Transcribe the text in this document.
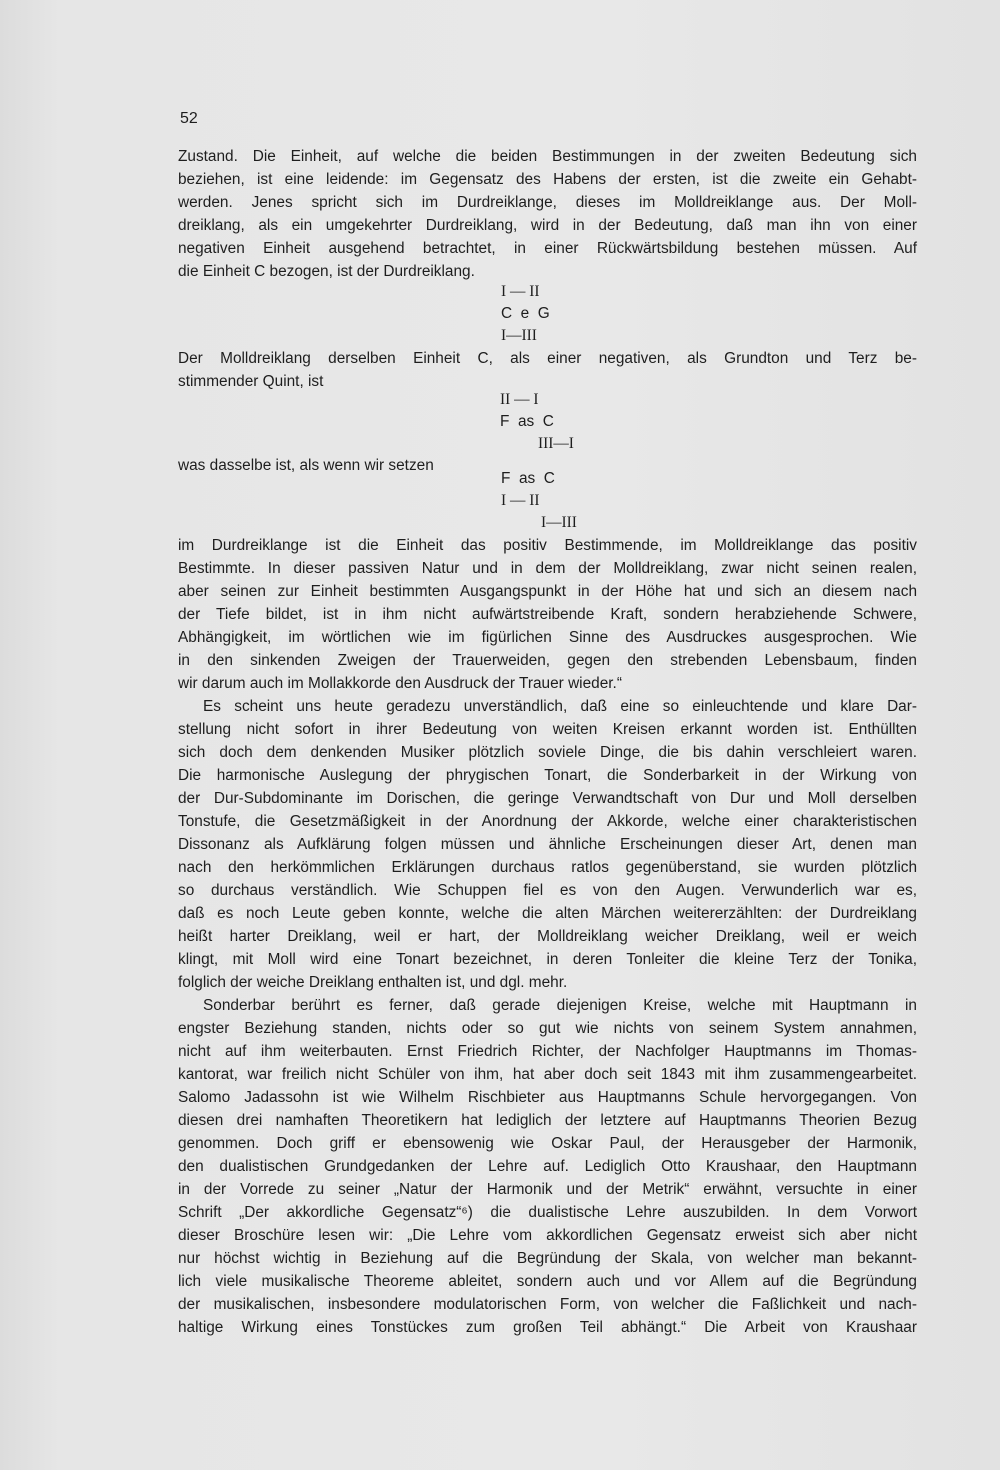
52
Zustand. Die Einheit, auf welche die beiden Bestimmungen in der zweiten Bedeutung sich
beziehen, ist eine leidende: im Gegensatz des Habens der ersten, ist die zweite ein Gehabt-
werden. Jenes spricht sich im Durdreiklange, dieses im Molldreiklange aus. Der Moll-
dreiklang, als ein umgekehrter Durdreiklang, wird in der Bedeutung, daß man ihn von einer
negativen Einheit ausgehend betrachtet, in einer Rückwärtsbildung bestehen müssen. Auf
die Einheit C bezogen, ist der Durdreiklang.
I — II
C  e  G
I—III
Der Molldreiklang derselben Einheit C, als einer negativen, als Grundton und Terz be-
stimmender Quint, ist
II — I
F  as  C
III—I
was dasselbe ist, als wenn wir setzen
F  as  C
I — II
I—III
im Durdreiklange ist die Einheit das positiv Bestimmende, im Molldreiklange das positiv
Bestimmte. In dieser passiven Natur und in dem der Molldreiklang, zwar nicht seinen realen,
aber seinen zur Einheit bestimmten Ausgangspunkt in der Höhe hat und sich an diesem nach
der Tiefe bildet, ist in ihm nicht aufwärtstreibende Kraft, sondern herabziehende Schwere,
Abhängigkeit, im wörtlichen wie im figürlichen Sinne des Ausdruckes ausgesprochen. Wie
in den sinkenden Zweigen der Trauerweiden, gegen den strebenden Lebensbaum, finden
wir darum auch im Mollakkorde den Ausdruck der Trauer wieder.“
Es scheint uns heute geradezu unverständlich, daß eine so einleuchtende und klare Dar-
stellung nicht sofort in ihrer Bedeutung von weiten Kreisen erkannt worden ist. Enthüllten
sich doch dem denkenden Musiker plötzlich soviele Dinge, die bis dahin verschleiert waren.
Die harmonische Auslegung der phrygischen Tonart, die Sonderbarkeit in der Wirkung von
der Dur-Subdominante im Dorischen, die geringe Verwandtschaft von Dur und Moll derselben
Tonstufe, die Gesetzmäßigkeit in der Anordnung der Akkorde, welche einer charakteristischen
Dissonanz als Aufklärung folgen müssen und ähnliche Erscheinungen dieser Art, denen man
nach den herkömmlichen Erklärungen durchaus ratlos gegenüberstand, sie wurden plötzlich
so durchaus verständlich. Wie Schuppen fiel es von den Augen. Verwunderlich war es,
daß es noch Leute geben konnte, welche die alten Märchen weitererzählten: der Durdreiklang
heißt harter Dreiklang, weil er hart, der Molldreiklang weicher Dreiklang, weil er weich
klingt, mit Moll wird eine Tonart bezeichnet, in deren Tonleiter die kleine Terz der Tonika,
folglich der weiche Dreiklang enthalten ist, und dgl. mehr.
Sonderbar berührt es ferner, daß gerade diejenigen Kreise, welche mit Hauptmann in
engster Beziehung standen, nichts oder so gut wie nichts von seinem System annahmen,
nicht auf ihm weiterbauten. Ernst Friedrich Richter, der Nachfolger Hauptmanns im Thomas-
kantorat, war freilich nicht Schüler von ihm, hat aber doch seit 1843 mit ihm zusammengearbeitet.
Salomo Jadassohn ist wie Wilhelm Rischbieter aus Hauptmanns Schule hervorgegangen. Von
diesen drei namhaften Theoretikern hat lediglich der letztere auf Hauptmanns Theorien Bezug
genommen. Doch griff er ebensowenig wie Oskar Paul, der Herausgeber der Harmonik,
den dualistischen Grundgedanken der Lehre auf. Lediglich Otto Kraushaar, den Hauptmann
in der Vorrede zu seiner „Natur der Harmonik und der Metrik“ erwähnt, versuchte in einer
Schrift „Der akkordliche Gegensatz“⁶) die dualistische Lehre auszubilden. In dem Vorwort
dieser Broschüre lesen wir: „Die Lehre vom akkordlichen Gegensatz erweist sich aber nicht
nur höchst wichtig in Beziehung auf die Begründung der Skala, von welcher man bekannt-
lich viele musikalische Theoreme ableitet, sondern auch und vor Allem auf die Begründung
der musikalischen, insbesondere modulatorischen Form, von welcher die Faßlichkeit und nach-
haltige Wirkung eines Tonstückes zum großen Teil abhängt.“ Die Arbeit von Kraushaar
